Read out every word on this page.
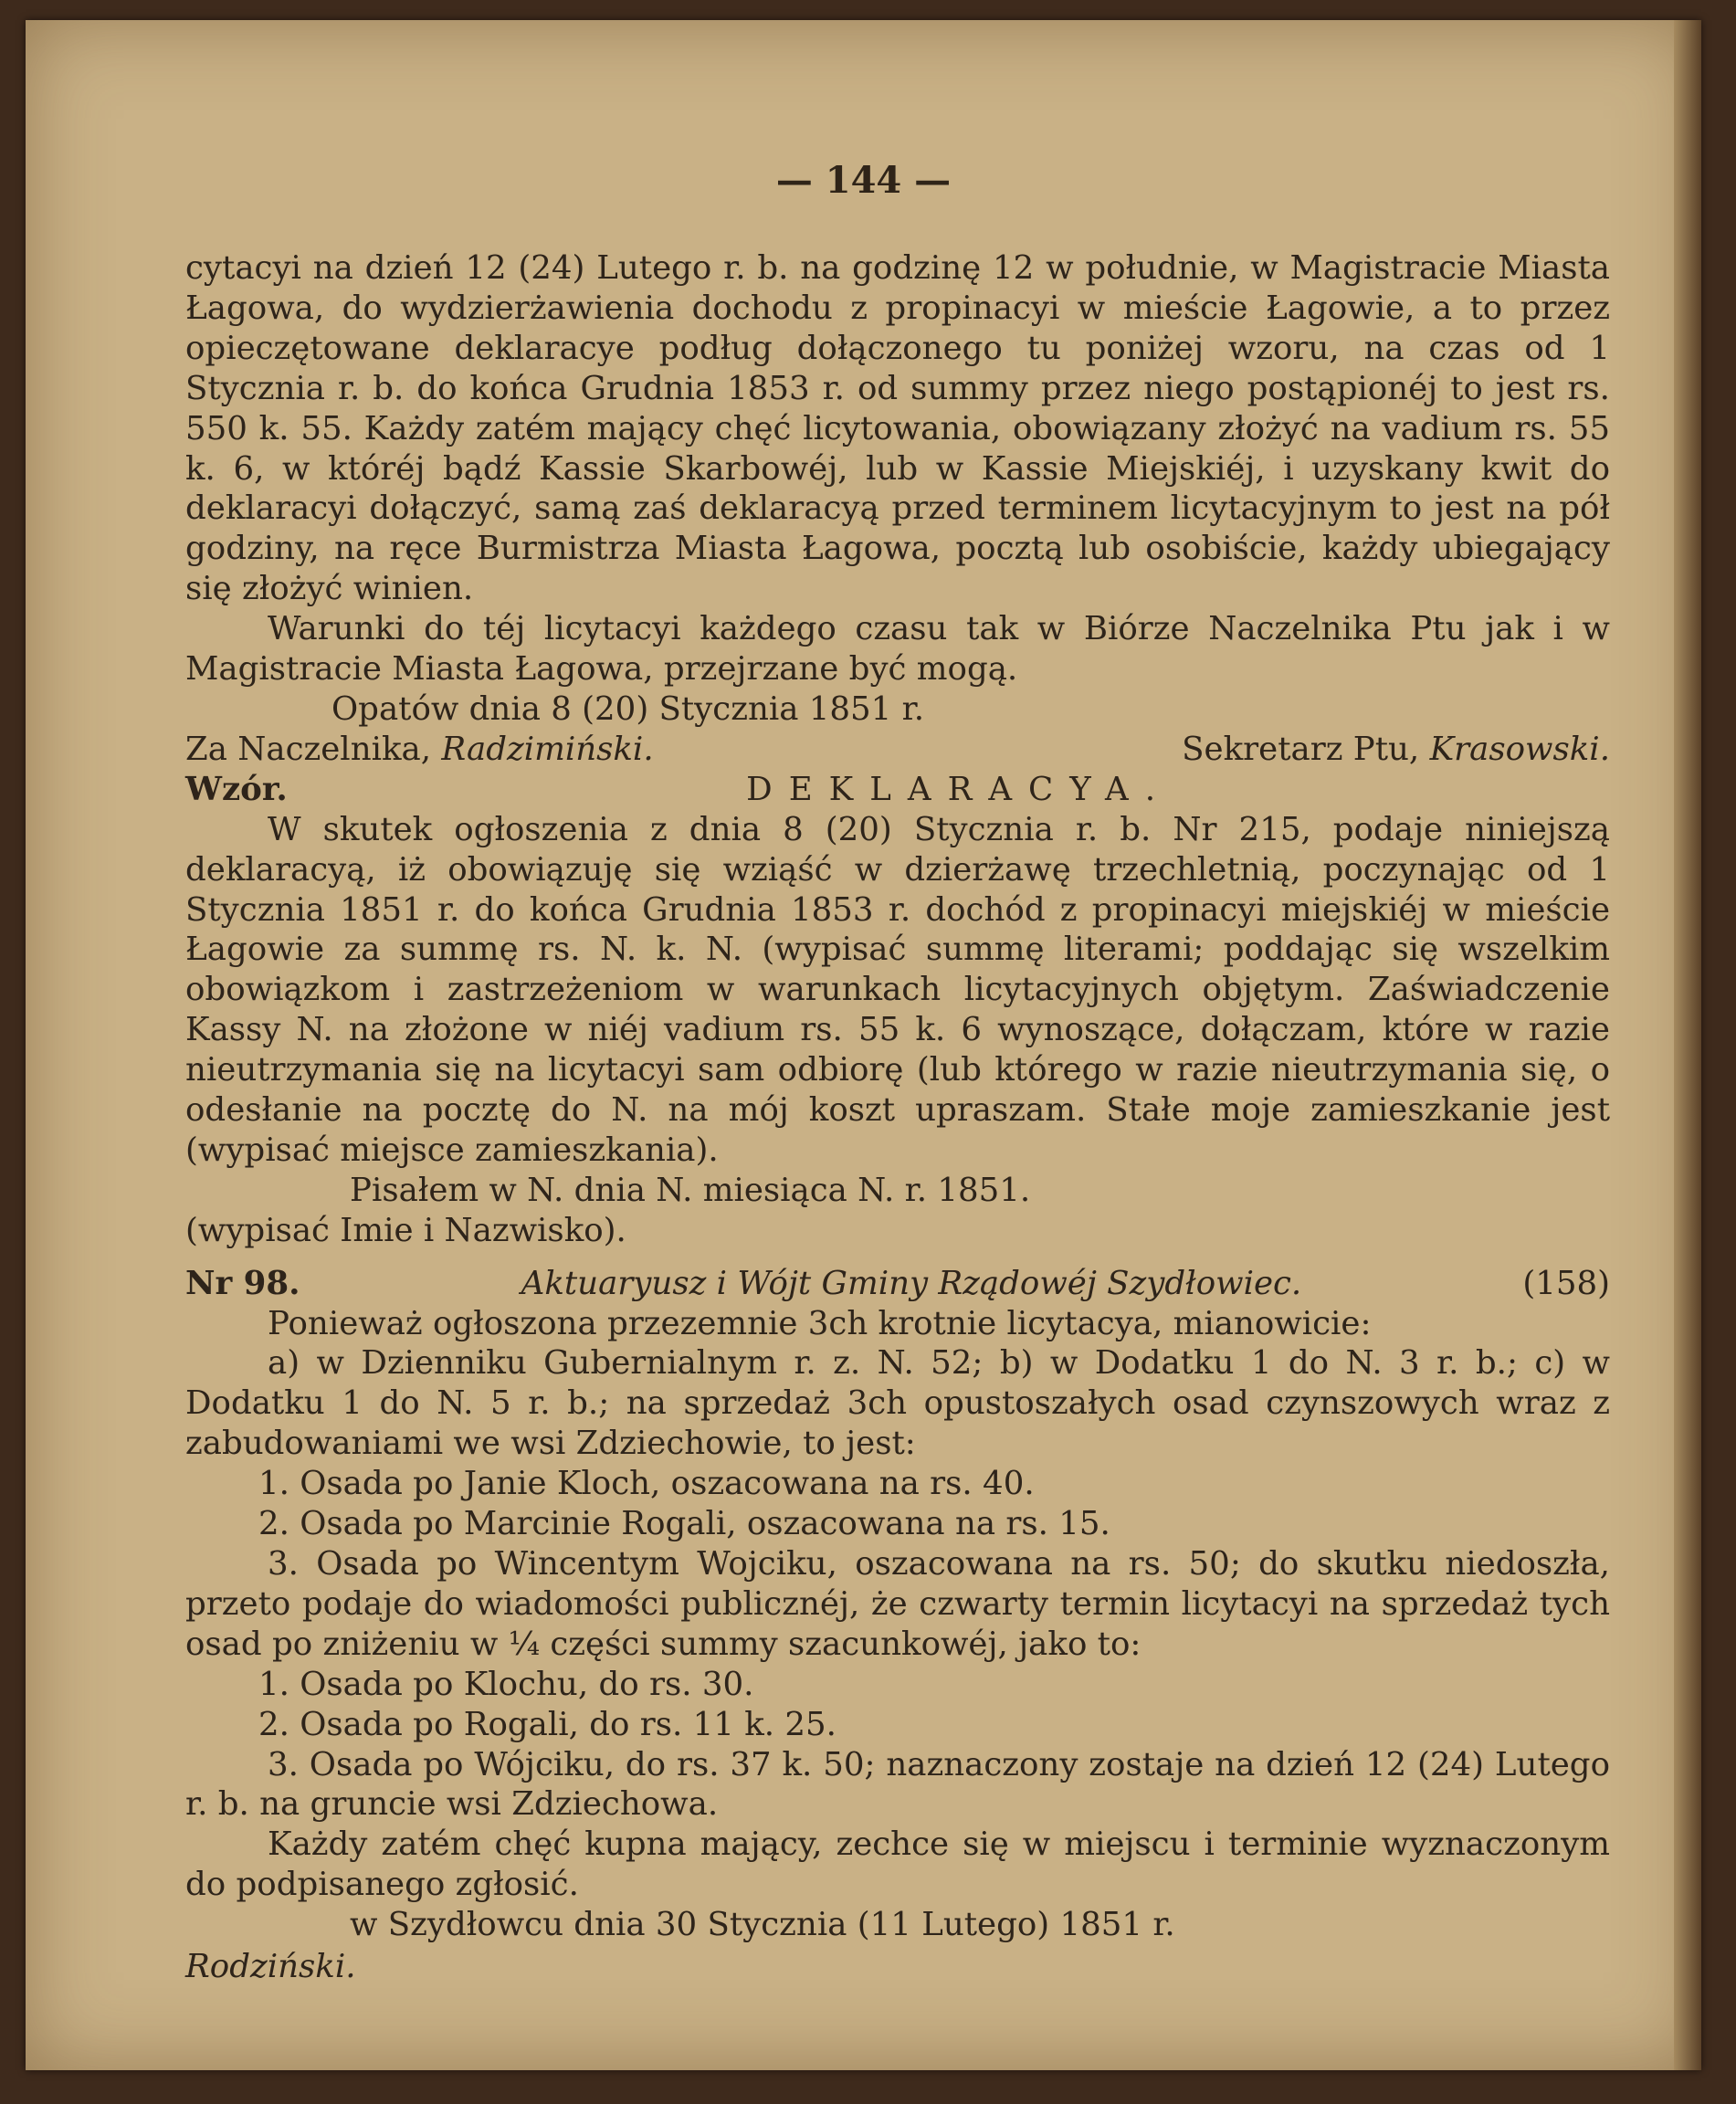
— 144 —

cytacyi na dzień 12 (24) Lutego r. b. na godzinę 12 w południe, w Magistracie Miasta Łagowa, do wydzierżawienia dochodu z propinacyi w mieście Łagowie, a to przez opieczętowane deklaracye podług dołączonego tu poniżej wzoru, na czas od 1 Stycznia r. b. do końca Grudnia 1853 r. od summy przez niego postąpionéj to jest rs. 550 k. 55. Każdy zatém mający chęć licytowania, obowiązany złożyć na vadium rs. 55 k. 6, w któréj bądź Kassie Skarbowéj, lub w Kassie Miejskiéj, i uzyskany kwit do deklaracyi dołączyć, samą zaś deklaracyą przed terminem licytacyjnym to jest na pół godziny, na ręce Burmistrza Miasta Łagowa, pocztą lub osobiście, każdy ubiegający się złożyć winien.

Warunki do téj licytacyi każdego czasu tak w Biórze Naczelnika Ptu jak i w Magistracie Miasta Łagowa, przejrzane być mogą.

Opatów dnia 8 (20) Stycznia 1851 r.

Za Naczelnika, Radzimiński.	Sekretarz Ptu, Krasowski.
Wzór.	DEKLARACYA.

W skutek ogłoszenia z dnia 8 (20) Stycznia r. b. Nr 215, podaje niniejszą deklaracyą, iż obowiązuję się wziąść w dzierżawę trzechletnią, poczynając od 1 Stycznia 1851 r. do końca Grudnia 1853 r. dochód z propinacyi miejskiéj w mieście Łagowie za summę rs. N. k. N. (wypisać summę literami; poddając się wszelkim obowiązkom i zastrzeżeniom w warunkach licytacyjnych objętym. Zaświadczenie Kassy N. na złożone w niéj vadium rs. 55 k. 6 wynoszące, dołączam, które w razie nieutrzymania się na licytacyi sam odbiorę (lub którego w razie nieutrzymania się, o odesłanie na pocztę do N. na mój koszt upraszam. Stałe moje zamieszkanie jest (wypisać miejsce zamieszkania).

Pisałem w N. dnia N. miesiąca N. r. 1851.

(wypisać Imie i Nazwisko).

Nr 98.	Aktuaryusz i Wójt Gminy Rządowéj Szydłowiec.	(158)

Ponieważ ogłoszona przezemnie 3ch krotnie licytacya, mianowicie:

a) w Dzienniku Gubernialnym r. z. N. 52; b) w Dodatku 1 do N. 3 r. b.; c) w Dodatku 1 do N. 5 r. b.; na sprzedaż 3ch opustoszałych osad czynszowych wraz z zabudowaniami we wsi Zdziechowie, to jest:

1. Osada po Janie Kloch, oszacowana na rs. 40.

2. Osada po Marcinie Rogali, oszacowana na rs. 15.

3. Osada po Wincentym Wojciku, oszacowana na rs. 50; do skutku niedoszła, przeto podaje do wiadomości publicznéj, że czwarty termin licytacyi na sprzedaż tych osad po zniżeniu w ¼ części summy szacunkowéj, jako to:

1. Osada po Klochu, do rs. 30.

2. Osada po Rogali, do rs. 11 k. 25.

3. Osada po Wójciku, do rs. 37 k. 50; naznaczony zostaje na dzień 12 (24) Lutego r. b. na gruncie wsi Zdziechowa.

Każdy zatém chęć kupna mający, zechce się w miejscu i terminie wyznaczonym do podpisanego zgłosić.

w Szydłowcu dnia 30 Stycznia (11 Lutego) 1851 r.

Rodziński.
